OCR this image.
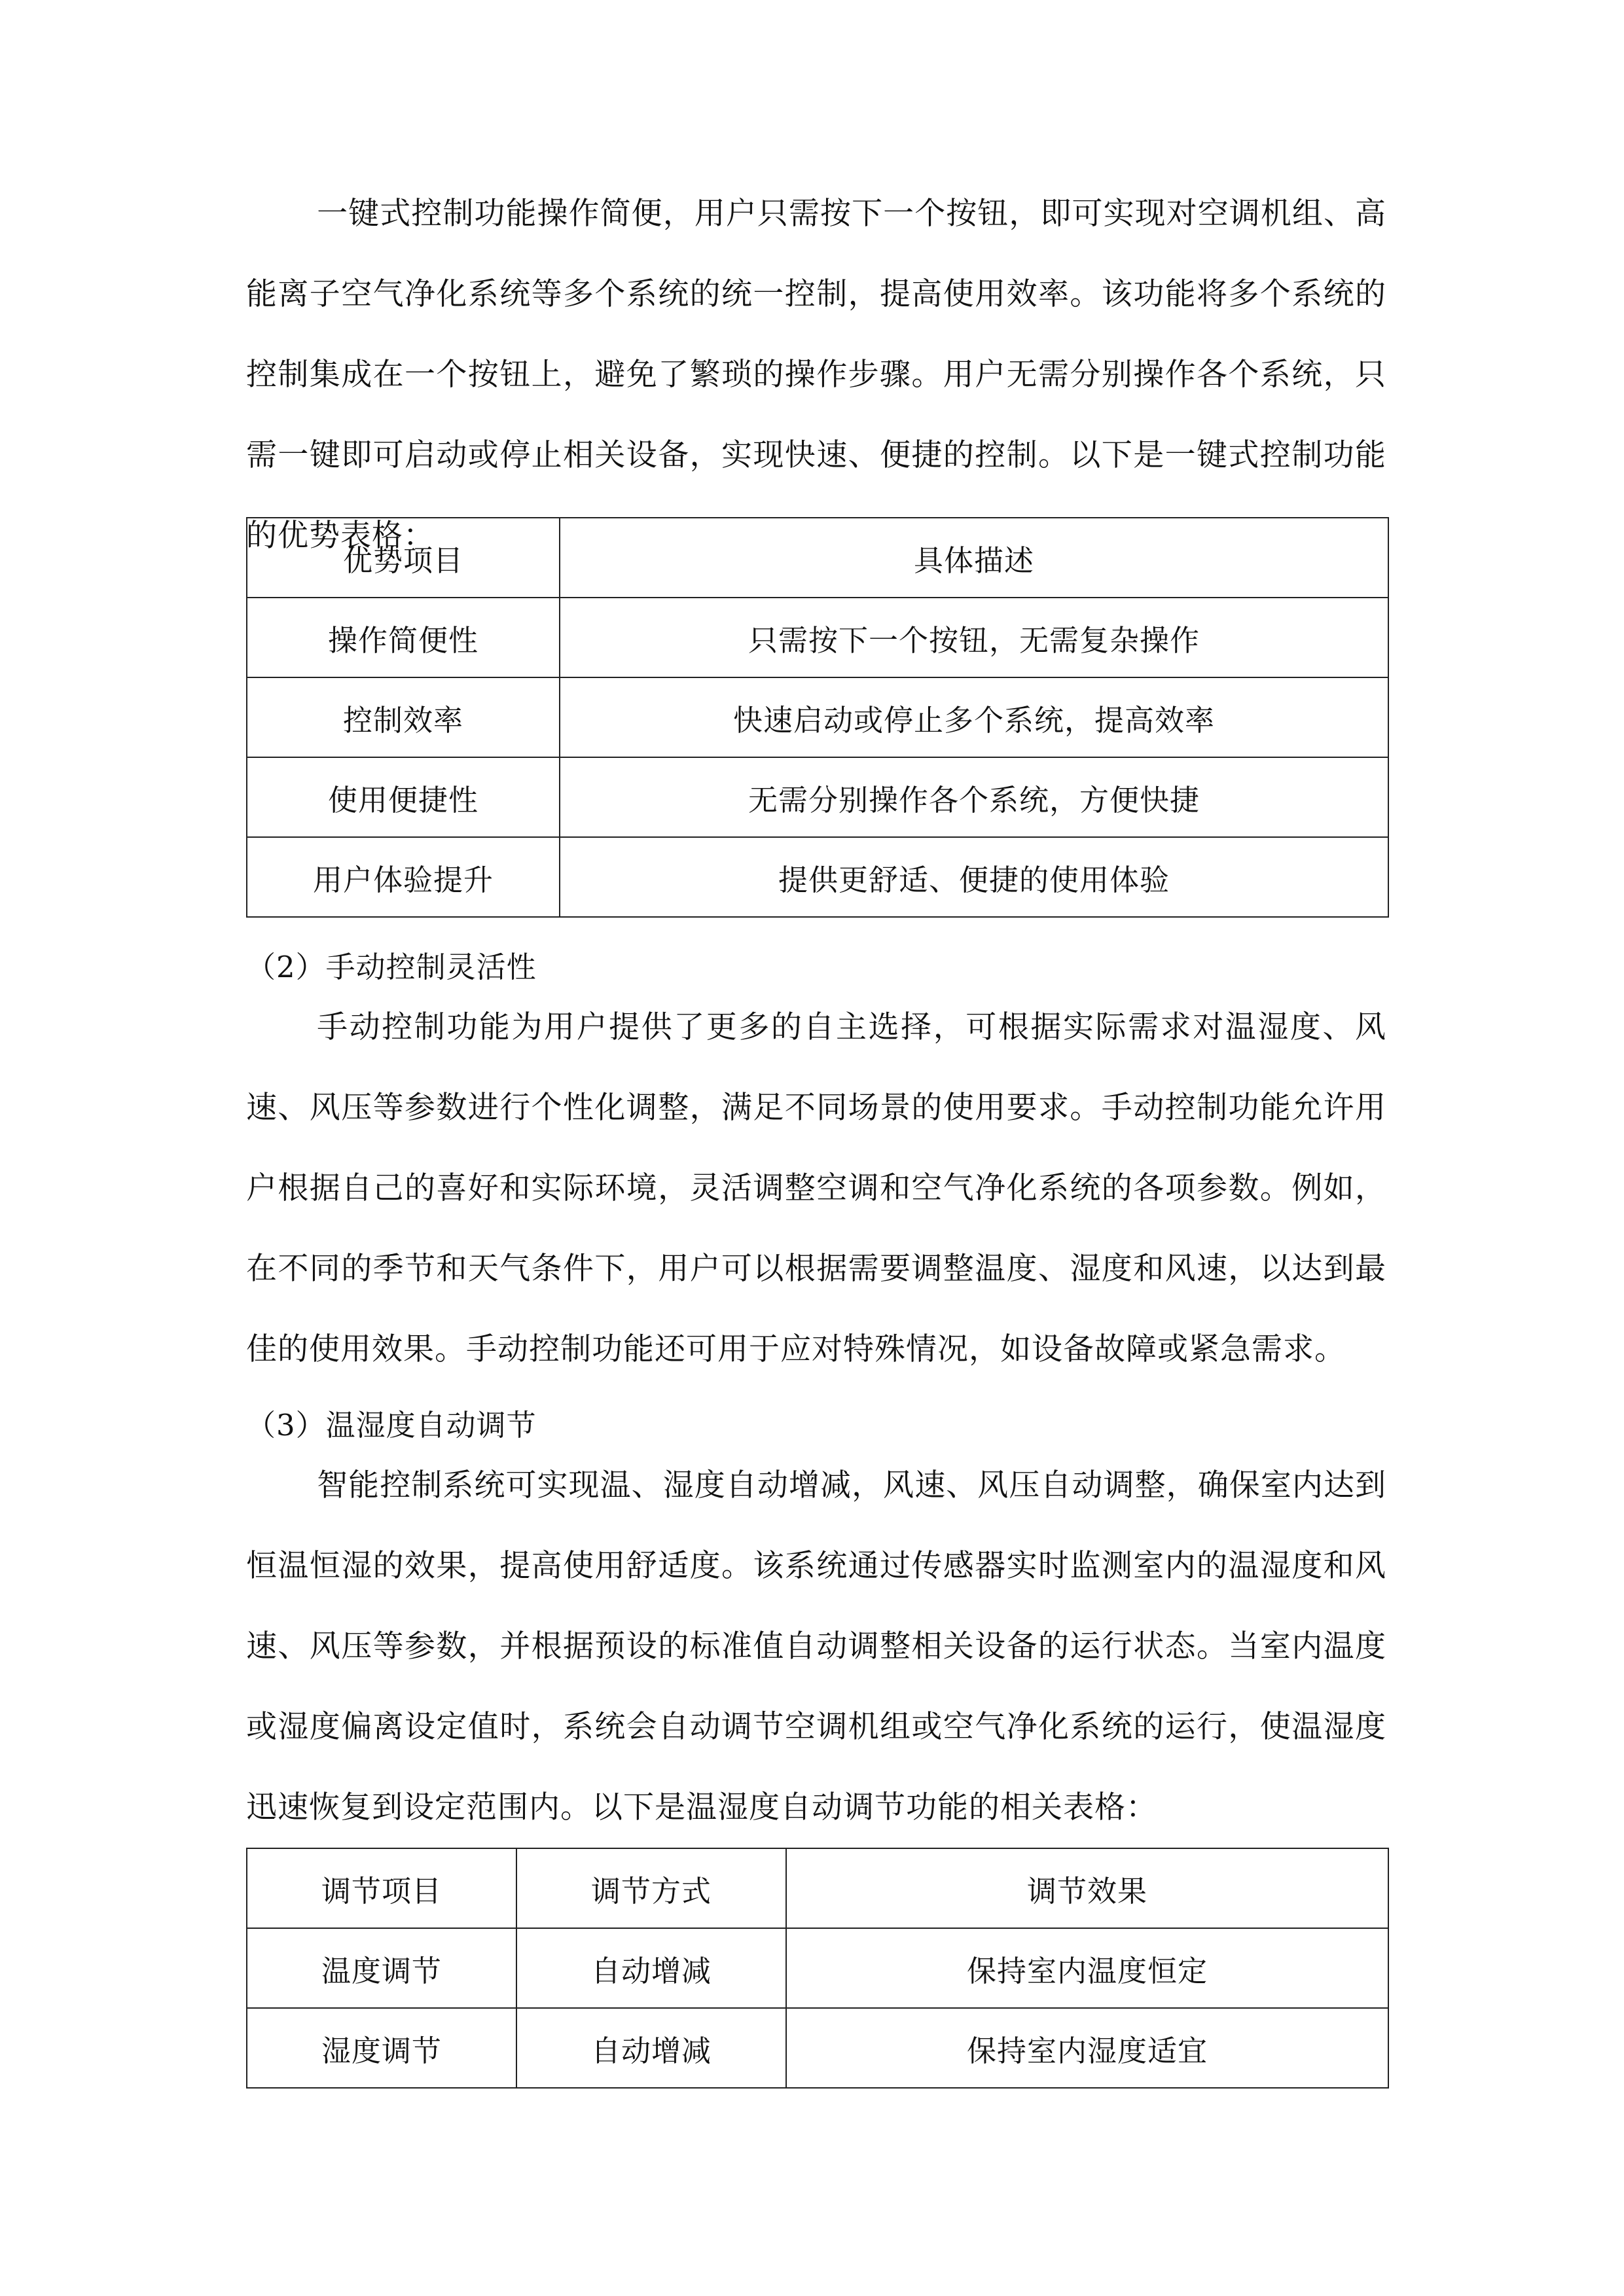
一键式控制功能操作简便，用户只需按下一个按钮，即可实现对空调机组、高能离子空气净化系统等多个系统的统一控制，提高使用效率。该功能将多个系统的控制集成在一个按钮上，避免了繁琐的操作步骤。用户无需分别操作各个系统，只需一键即可启动或停止相关设备，实现快速、便捷的控制。以下是一键式控制功能的优势表格：

优势项目	具体描述
操作简便性	只需按下一个按钮，无需复杂操作
控制效率	快速启动或停止多个系统，提高效率
使用便捷性	无需分别操作各个系统，方便快捷
用户体验提升	提供更舒适、便捷的使用体验

（2）手动控制灵活性

手动控制功能为用户提供了更多的自主选择，可根据实际需求对温湿度、风速、风压等参数进行个性化调整，满足不同场景的使用要求。手动控制功能允许用户根据自己的喜好和实际环境，灵活调整空调和空气净化系统的各项参数。例如，在不同的季节和天气条件下，用户可以根据需要调整温度、湿度和风速，以达到最佳的使用效果。手动控制功能还可用于应对特殊情况，如设备故障或紧急需求。

（3）温湿度自动调节

智能控制系统可实现温、湿度自动增减，风速、风压自动调整，确保室内达到恒温恒湿的效果，提高使用舒适度。该系统通过传感器实时监测室内的温湿度和风速、风压等参数，并根据预设的标准值自动调整相关设备的运行状态。当室内温度或湿度偏离设定值时，系统会自动调节空调机组或空气净化系统的运行，使温湿度迅速恢复到设定范围内。以下是温湿度自动调节功能的相关表格：

调节项目	调节方式	调节效果
温度调节	自动增减	保持室内温度恒定
湿度调节	自动增减	保持室内湿度适宜
